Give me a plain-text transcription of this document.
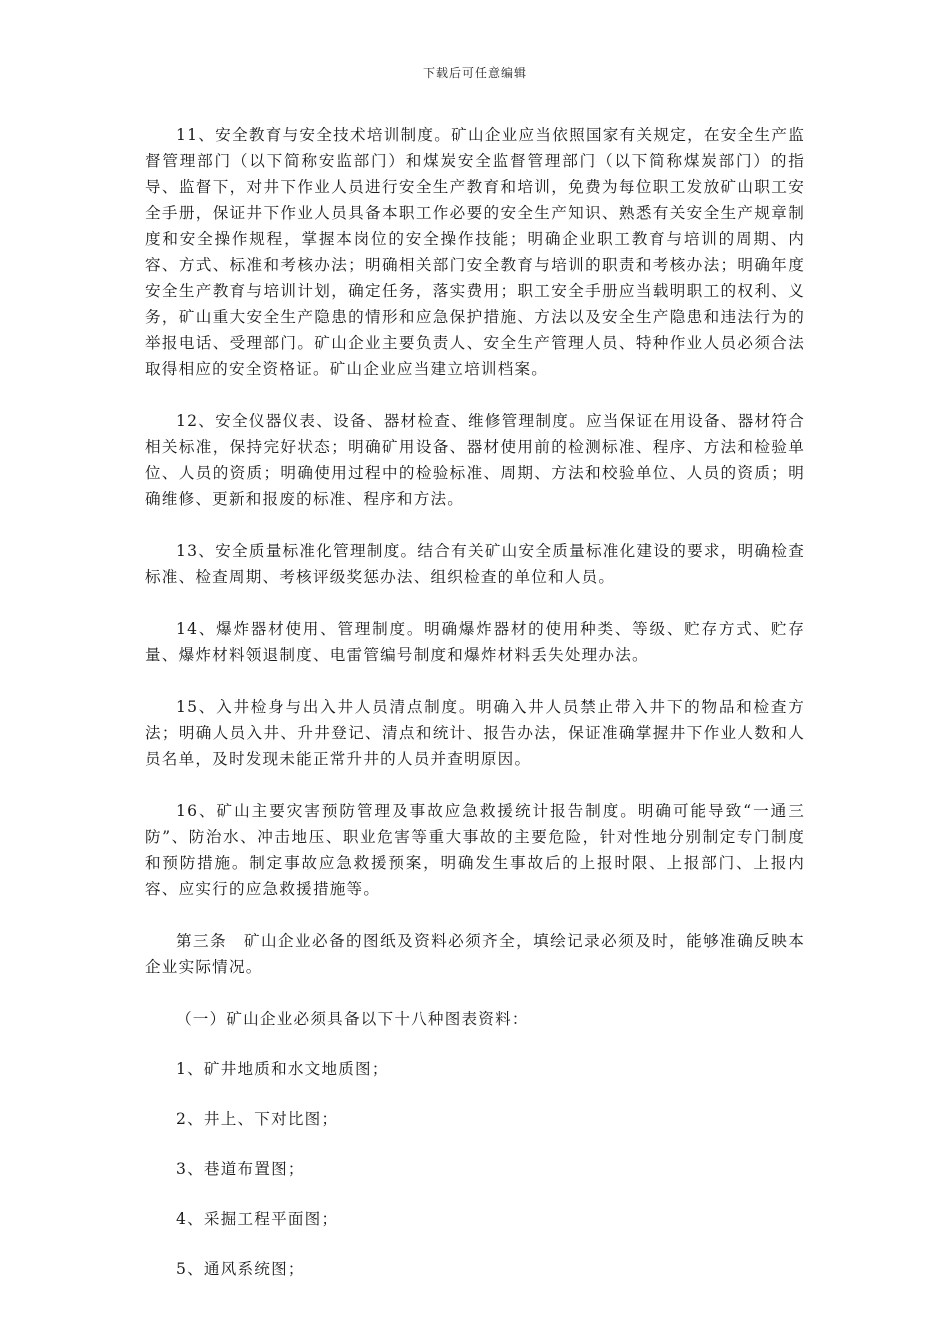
下载后可任意编辑

11、安全教育与安全技术培训制度。矿山企业应当依照国家有关规定，在安全生产监督管理部门（以下简称安监部门）和煤炭安全监督管理部门（以下简称煤炭部门）的指导、监督下，对井下作业人员进行安全生产教育和培训，免费为每位职工发放矿山职工安全手册，保证井下作业人员具备本职工作必要的安全生产知识、熟悉有关安全生产规章制度和安全操作规程，掌握本岗位的安全操作技能；明确企业职工教育与培训的周期、内容、方式、标准和考核办法；明确相关部门安全教育与培训的职责和考核办法；明确年度安全生产教育与培训计划，确定任务，落实费用；职工安全手册应当载明职工的权利、义务，矿山重大安全生产隐患的情形和应急保护措施、方法以及安全生产隐患和违法行为的举报电话、受理部门。矿山企业主要负责人、安全生产管理人员、特种作业人员必须合法取得相应的安全资格证。矿山企业应当建立培训档案。

12、安全仪器仪表、设备、器材检查、维修管理制度。应当保证在用设备、器材符合相关标准，保持完好状态；明确矿用设备、器材使用前的检测标准、程序、方法和检验单位、人员的资质；明确使用过程中的检验标准、周期、方法和校验单位、人员的资质；明确维修、更新和报废的标准、程序和方法。

13、安全质量标准化管理制度。结合有关矿山安全质量标准化建设的要求，明确检查标准、检查周期、考核评级奖惩办法、组织检查的单位和人员。

14、爆炸器材使用、管理制度。明确爆炸器材的使用种类、等级、贮存方式、贮存量、爆炸材料领退制度、电雷管编号制度和爆炸材料丢失处理办法。

15、入井检身与出入井人员清点制度。明确入井人员禁止带入井下的物品和检查方法；明确人员入井、升井登记、清点和统计、报告办法，保证准确掌握井下作业人数和人员名单，及时发现未能正常升井的人员并查明原因。

16、矿山主要灾害预防管理及事故应急救援统计报告制度。明确可能导致“一通三防”、防治水、冲击地压、职业危害等重大事故的主要危险，针对性地分别制定专门制度和预防措施。制定事故应急救援预案，明确发生事故后的上报时限、上报部门、上报内容、应实行的应急救援措施等。

第三条　矿山企业必备的图纸及资料必须齐全，填绘记录必须及时，能够准确反映本企业实际情况。

（一）矿山企业必须具备以下十八种图表资料：

1、矿井地质和水文地质图；

2、井上、下对比图；

3、巷道布置图；

4、采掘工程平面图；

5、通风系统图；
